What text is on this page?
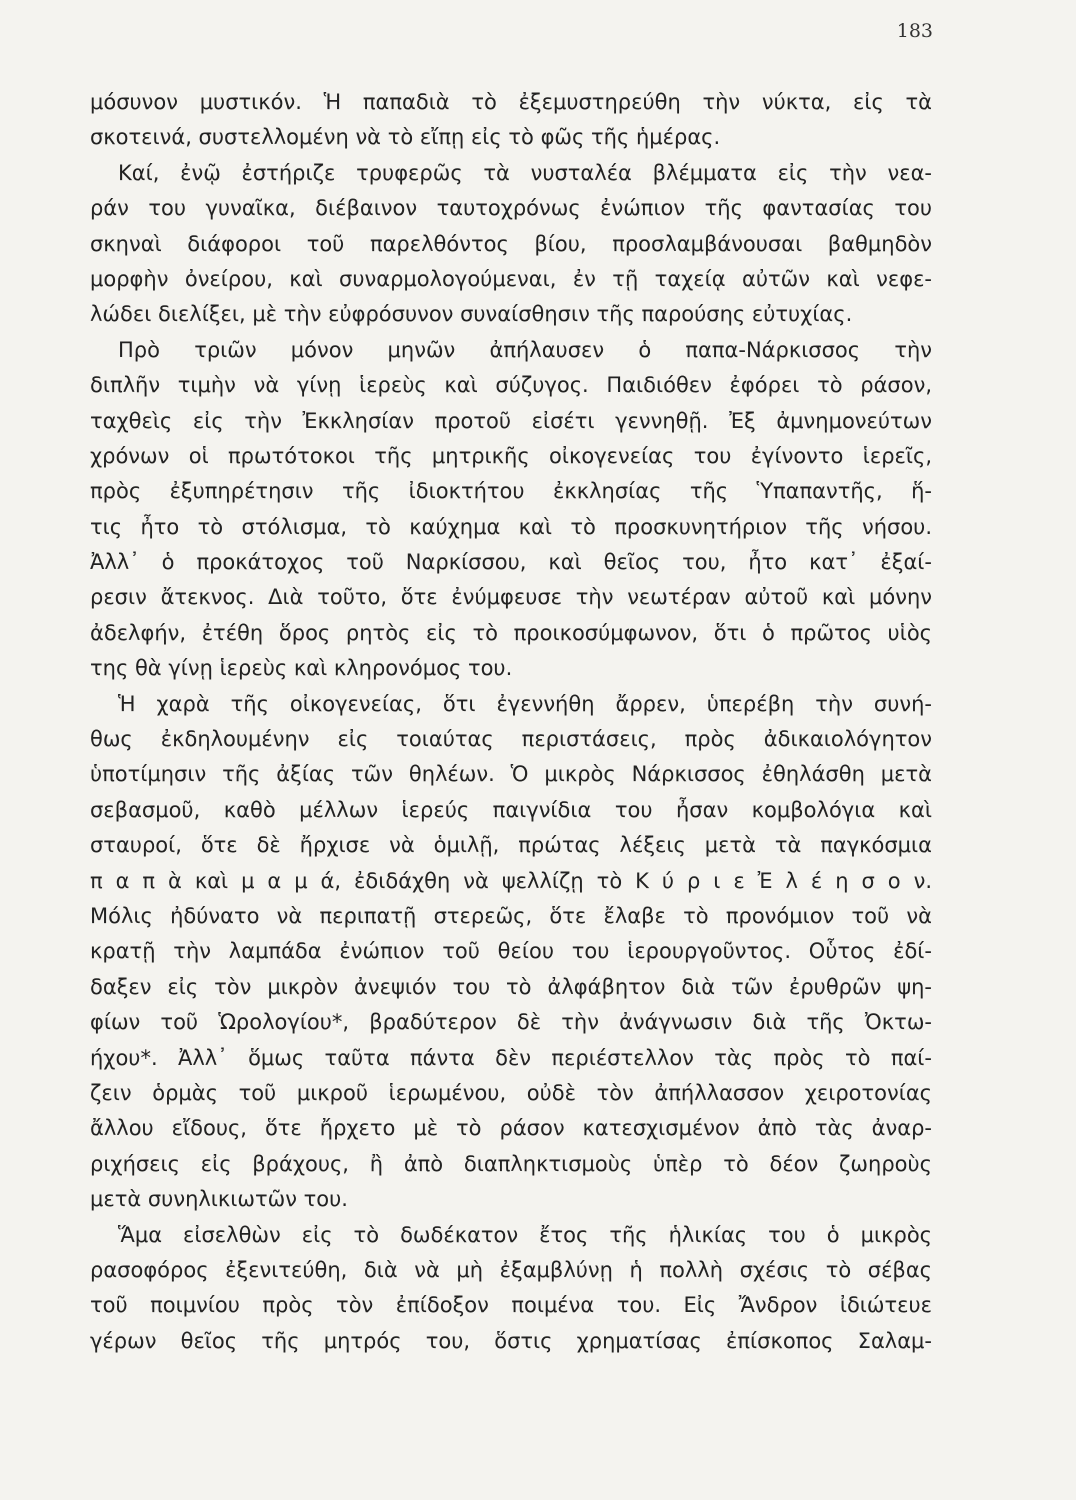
183
μόσυνον μυστικόν. Ἡ παπαδιὰ τὸ ἐξεμυστηρεύθη τὴν νύκτα, εἰς τὰ
σκοτεινά, συστελλομένη νὰ τὸ εἴπῃ εἰς τὸ φῶς τῆς ἡμέρας.
Καί, ἐνῷ ἐστήριζε τρυφερῶς τὰ νυσταλέα βλέμματα εἰς τὴν νεα-
ράν του γυναῖκα, διέβαινον ταυτοχρόνως ἐνώπιον τῆς φαντασίας του
σκηναὶ διάφοροι τοῦ παρελθόντος βίου, προσλαμβάνουσαι βαθμηδὸν
μορφὴν ὀνείρου, καὶ συναρμολογούμεναι, ἐν τῇ ταχείᾳ αὐτῶν καὶ νεφε-
λώδει διελίξει, μὲ τὴν εὐφρόσυνον συναίσθησιν τῆς παρούσης εὐτυχίας.
Πρὸ τριῶν μόνον μηνῶν ἀπήλαυσεν ὁ παπα-Νάρκισσος τὴν
διπλῆν τιμὴν νὰ γίνῃ ἱερεὺς καὶ σύζυγος. Παιδιόθεν ἐφόρει τὸ ράσον,
ταχθεὶς εἰς τὴν Ἐκκλησίαν προτοῦ εἰσέτι γεννηθῇ. Ἐξ ἀμνημονεύτων
χρόνων οἱ πρωτότοκοι τῆς μητρικῆς οἰκογενείας του ἐγίνοντο ἱερεῖς,
πρὸς ἐξυπηρέτησιν τῆς ἰδιοκτήτου ἐκκλησίας τῆς Ὑπαπαντῆς, ἥ-
τις ἦτο τὸ στόλισμα, τὸ καύχημα καὶ τὸ προσκυνητήριον τῆς νήσου.
Ἀλλ᾽ ὁ προκάτοχος τοῦ Ναρκίσσου, καὶ θεῖος του, ἦτο κατ᾽ ἐξαί-
ρεσιν ἄτεκνος. Διὰ τοῦτο, ὅτε ἐνύμφευσε τὴν νεωτέραν αὐτοῦ καὶ μόνην
ἀδελφήν, ἐτέθη ὅρος ρητὸς εἰς τὸ προικοσύμφωνον, ὅτι ὁ πρῶτος υἱὸς
της θὰ γίνῃ ἱερεὺς καὶ κληρονόμος του.
Ἡ χαρὰ τῆς οἰκογενείας, ὅτι ἐγεννήθη ἄρρεν, ὑπερέβη τὴν συνή-
θως ἐκδηλουμένην εἰς τοιαύτας περιστάσεις, πρὸς ἀδικαιολόγητον
ὑποτίμησιν τῆς ἀξίας τῶν θηλέων. Ὁ μικρὸς Νάρκισσος ἐθηλάσθη μετὰ
σεβασμοῦ, καθὸ μέλλων ἱερεύς παιγνίδια του ἦσαν κομβολόγια καὶ
σταυροί, ὅτε δὲ ἤρχισε νὰ ὁμιλῇ, πρώτας λέξεις μετὰ τὰ παγκόσμια
π α π ὰ καὶ μ α μ ά, ἐδιδάχθη νὰ ψελλίζῃ τὸ Κ ύ ρ ι ε Ἐ λ έ η σ ο ν.
Μόλις ἠδύνατο νὰ περιπατῇ στερεῶς, ὅτε ἔλαβε τὸ προνόμιον τοῦ νὰ
κρατῇ τὴν λαμπάδα ἐνώπιον τοῦ θείου του ἱερουργοῦντος. Οὗτος ἐδί-
δαξεν εἰς τὸν μικρὸν ἀνεψιόν του τὸ ἀλφάβητον διὰ τῶν ἐρυθρῶν ψη-
φίων τοῦ Ὡρολογίου*, βραδύτερον δὲ τὴν ἀνάγνωσιν διὰ τῆς Ὀκτω-
ήχου*. Ἀλλ᾽ ὅμως ταῦτα πάντα δὲν περιέστελλον τὰς πρὸς τὸ παί-
ζειν ὁρμὰς τοῦ μικροῦ ἱερωμένου, οὐδὲ τὸν ἀπήλλασσον χειροτονίας
ἄλλου εἴδους, ὅτε ἤρχετο μὲ τὸ ράσον κατεσχισμένον ἀπὸ τὰς ἀναρ-
ριχήσεις εἰς βράχους, ἢ ἀπὸ διαπληκτισμοὺς ὑπὲρ τὸ δέον ζωηροὺς
μετὰ συνηλικιωτῶν του.
Ἅμα εἰσελθὼν εἰς τὸ δωδέκατον ἔτος τῆς ἡλικίας του ὁ μικρὸς
ρασοφόρος ἐξενιτεύθη, διὰ νὰ μὴ ἐξαμβλύνῃ ἡ πολλὴ σχέσις τὸ σέβας
τοῦ ποιμνίου πρὸς τὸν ἐπίδοξον ποιμένα του. Εἰς Ἄνδρον ἰδιώτευε
γέρων θεῖος τῆς μητρός του, ὅστις χρηματίσας ἐπίσκοπος Σαλαμ-
